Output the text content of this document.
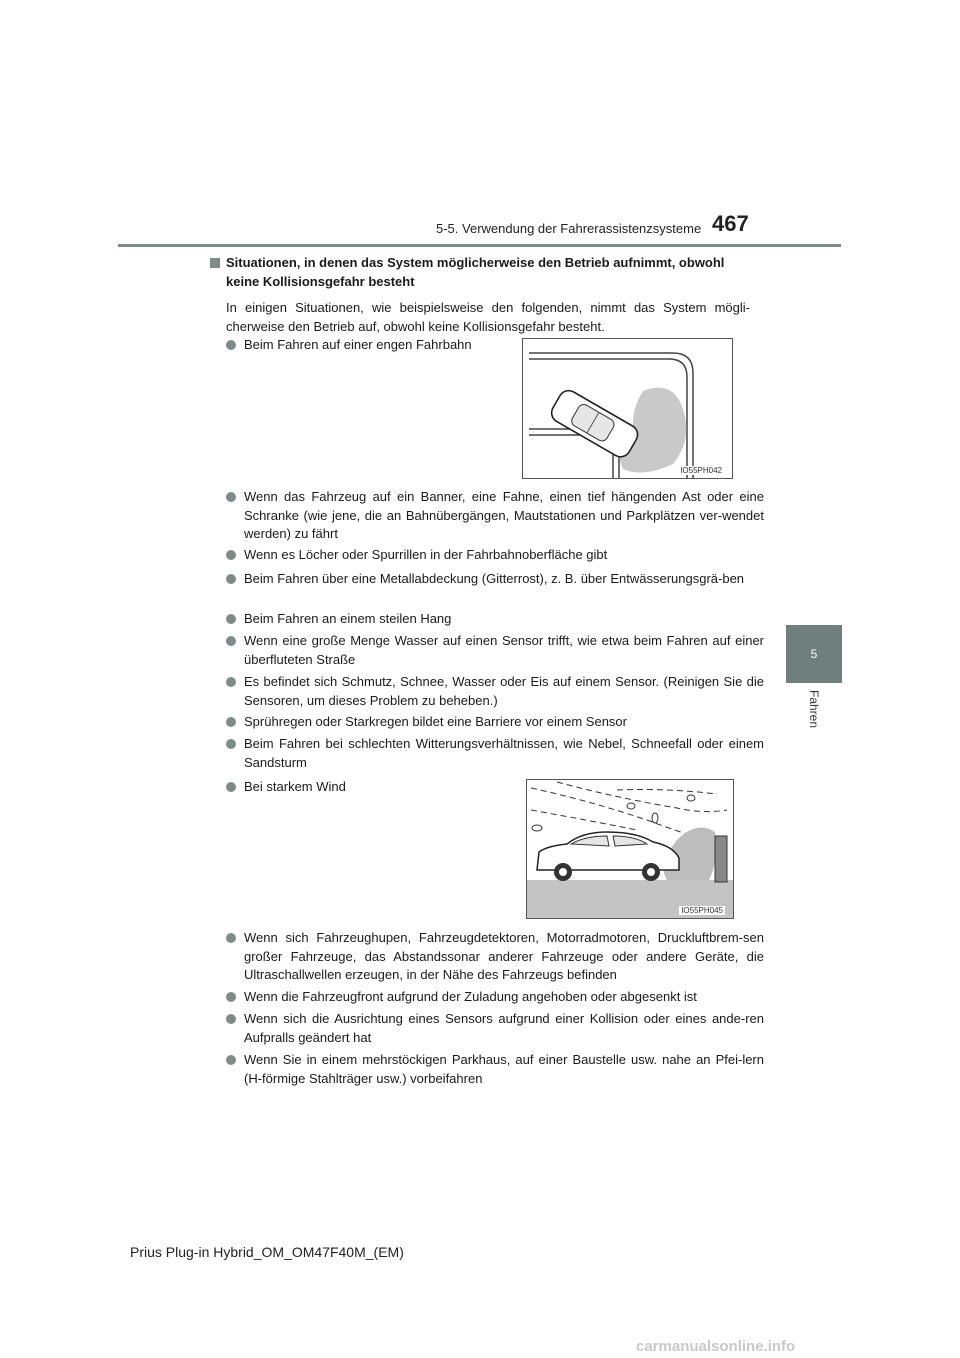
5-5. Verwendung der Fahrerassistenzsysteme 467
5
Fahren

Situationen, in denen das System möglicherweise den Betrieb aufnimmt, obwohl keine Kollisionsgefahr besteht

In einigen Situationen, wie beispielsweise den folgenden, nimmt das System mögli-cherweise den Betrieb auf, obwohl keine Kollisionsgefahr besteht.

Beim Fahren auf einer engen Fahrbahn
IO55PH042
Wenn das Fahrzeug auf ein Banner, eine Fahne, einen tief hängenden Ast oder eine Schranke (wie jene, die an Bahnübergängen, Mautstationen und Parkplätzen ver-wendet werden) zu fährt
Wenn es Löcher oder Spurrillen in der Fahrbahnoberfläche gibt
Beim Fahren über eine Metallabdeckung (Gitterrost), z. B. über Entwässerungsgrä-ben
Beim Fahren an einem steilen Hang
Wenn eine große Menge Wasser auf einen Sensor trifft, wie etwa beim Fahren auf einer überfluteten Straße
Es befindet sich Schmutz, Schnee, Wasser oder Eis auf einem Sensor. (Reinigen Sie die Sensoren, um dieses Problem zu beheben.)
Sprühregen oder Starkregen bildet eine Barriere vor einem Sensor
Beim Fahren bei schlechten Witterungsverhältnissen, wie Nebel, Schneefall oder einem Sandsturm
Bei starkem Wind
IO55PH045
Wenn sich Fahrzeughupen, Fahrzeugdetektoren, Motorradmotoren, Druckluftbrem-sen großer Fahrzeuge, das Abstandssonar anderer Fahrzeuge oder andere Geräte, die Ultraschallwellen erzeugen, in der Nähe des Fahrzeugs befinden
Wenn die Fahrzeugfront aufgrund der Zuladung angehoben oder abgesenkt ist
Wenn sich die Ausrichtung eines Sensors aufgrund einer Kollision oder eines ande-ren Aufpralls geändert hat
Wenn Sie in einem mehrstöckigen Parkhaus, auf einer Baustelle usw. nahe an Pfei-lern (H-förmige Stahlträger usw.) vorbeifahren
Prius Plug-in Hybrid_OM_OM47F40M_(EM)
carmanualsonline.info
